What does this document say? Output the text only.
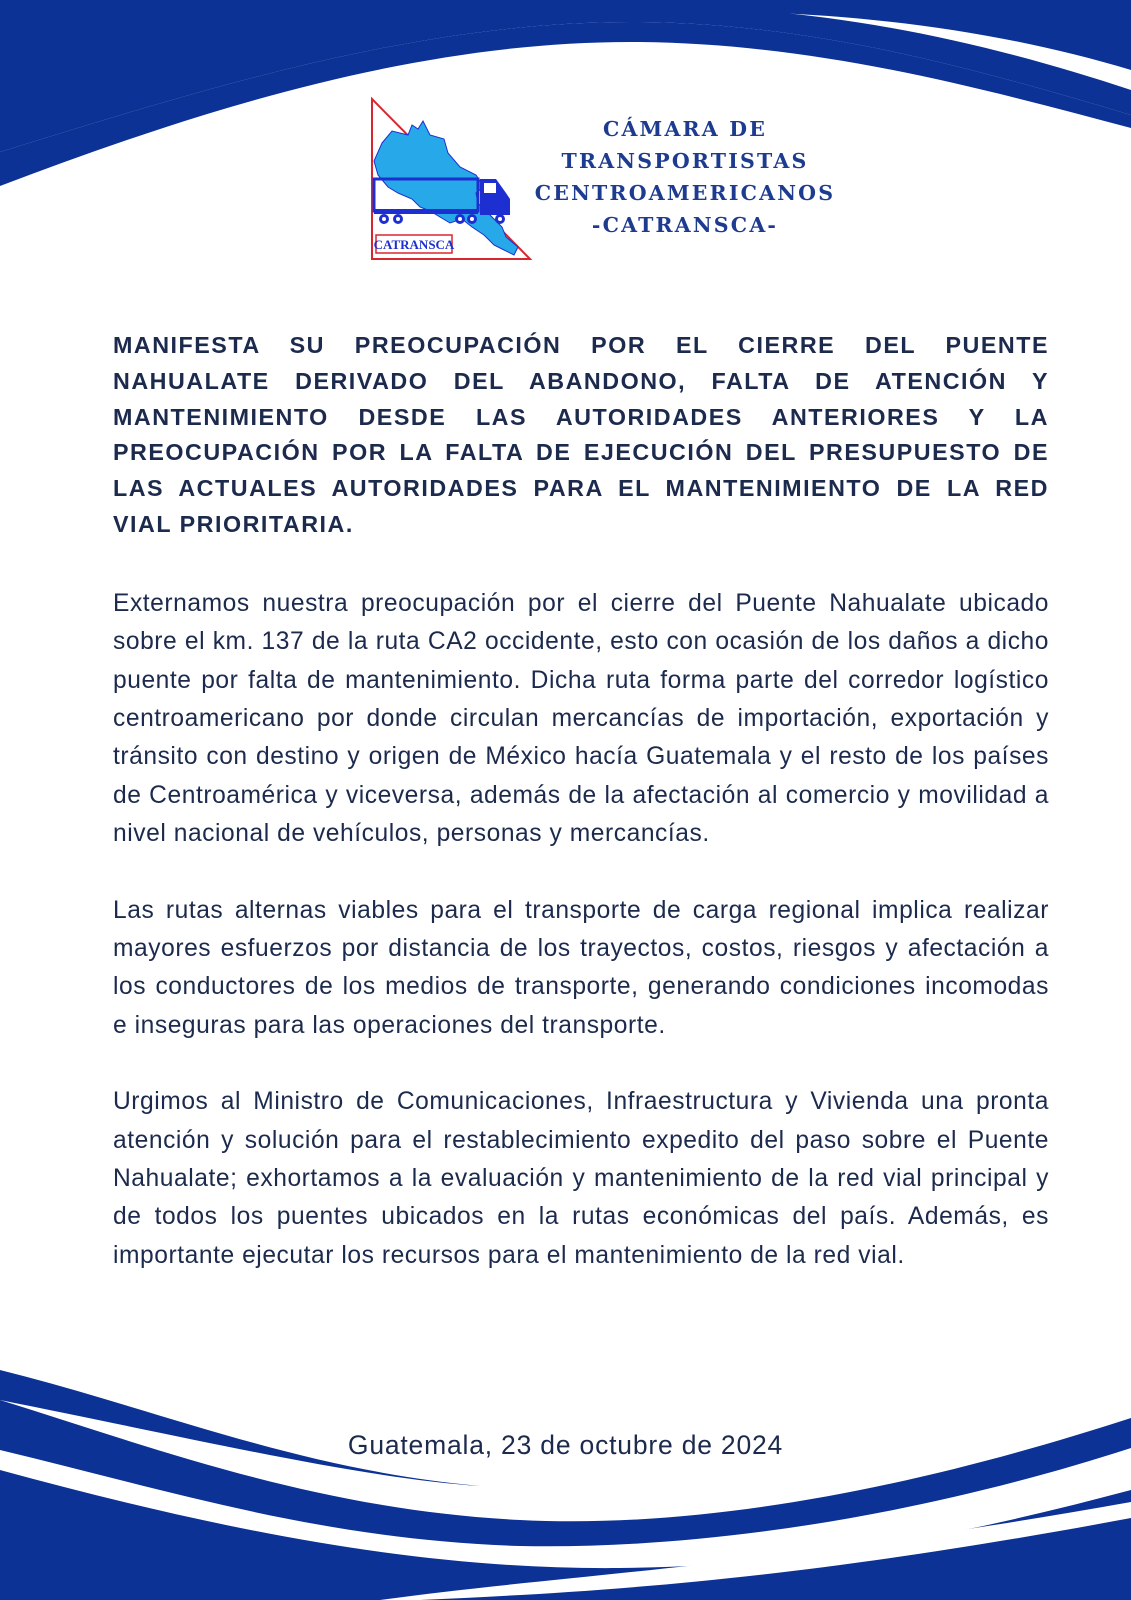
CATRANSCA
CÁMARA DE
TRANSPORTISTAS
CENTROAMERICANOS
-CATRANSCA-

MANIFESTA SU PREOCUPACIÓN POR EL CIERRE DEL PUENTE NAHUALATE DERIVADO DEL ABANDONO, FALTA DE ATENCIÓN Y MANTENIMIENTO DESDE LAS AUTORIDADES ANTERIORES Y LA PREOCUPACIÓN POR LA FALTA DE EJECUCIÓN DEL PRESUPUESTO DE LAS ACTUALES AUTORIDADES PARA EL MANTENIMIENTO DE LA RED VIAL PRIORITARIA.

Externamos nuestra preocupación por el cierre del Puente Nahualate ubicado sobre el km. 137 de la ruta CA2 occidente, esto con ocasión de los daños a dicho puente por falta de mantenimiento. Dicha ruta forma parte del corredor logístico centroamericano por donde circulan mercancías de importación, exportación y tránsito con destino y origen de México hacía Guatemala y el resto de los países de Centroamérica y viceversa, además de la afectación al comercio y movilidad a nivel nacional de vehículos, personas y mercancías.

Las rutas alternas viables para el transporte de carga regional implica realizar mayores esfuerzos por distancia de los trayectos, costos, riesgos y afectación a los conductores de los medios de transporte, generando condiciones incomodas e inseguras para las operaciones del transporte.

Urgimos al Ministro de Comunicaciones, Infraestructura y Vivienda una pronta atención y solución para el restablecimiento expedito del paso sobre el Puente Nahualate; exhortamos a la evaluación y mantenimiento de la red vial principal y de todos los puentes ubicados en la rutas económicas del país. Además, es importante ejecutar los recursos para el mantenimiento de la red vial.

Guatemala, 23 de octubre de 2024
